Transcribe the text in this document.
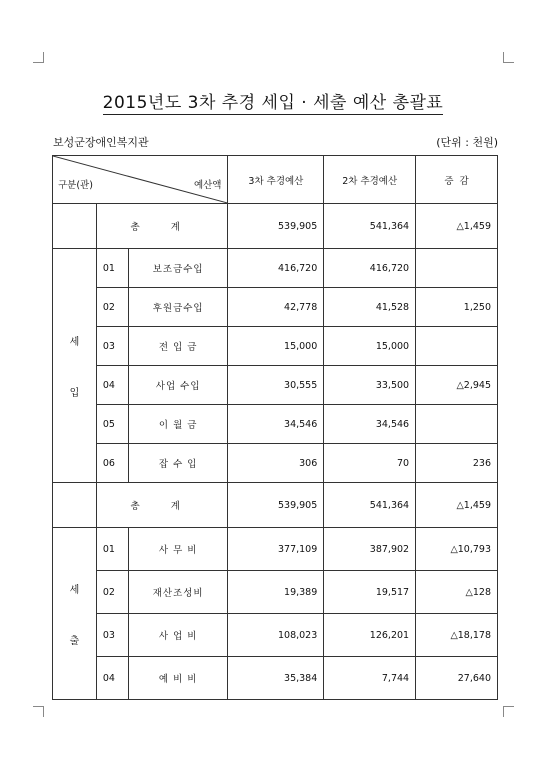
2015년도 3차 추경 세입 · 세출 예산 총괄표
보성군장애인복지관	(단위 : 천원)
구분(관) 예산액			3차 추경예산	2차 추경예산	증  감
	총 계		539,905	541,364	△1,459

세
입	01	보조금수입	416,720	416,720	
	02	후원금수입	42,778	41,528	1,250
	03	전 입 금	15,000	15,000	
	04	사업 수입	30,555	33,500	△2,945
	05	이 월 금	34,546	34,546	
	06	잡 수 입	306	70	236
	총 계		539,905	541,364	△1,459

세
출	01	사 무 비	377,109	387,902	△10,793
	02	재산조성비	19,389	19,517	△128
	03	사 업 비	108,023	126,201	△18,178
	04	예 비 비	35,384	7,744	27,640
